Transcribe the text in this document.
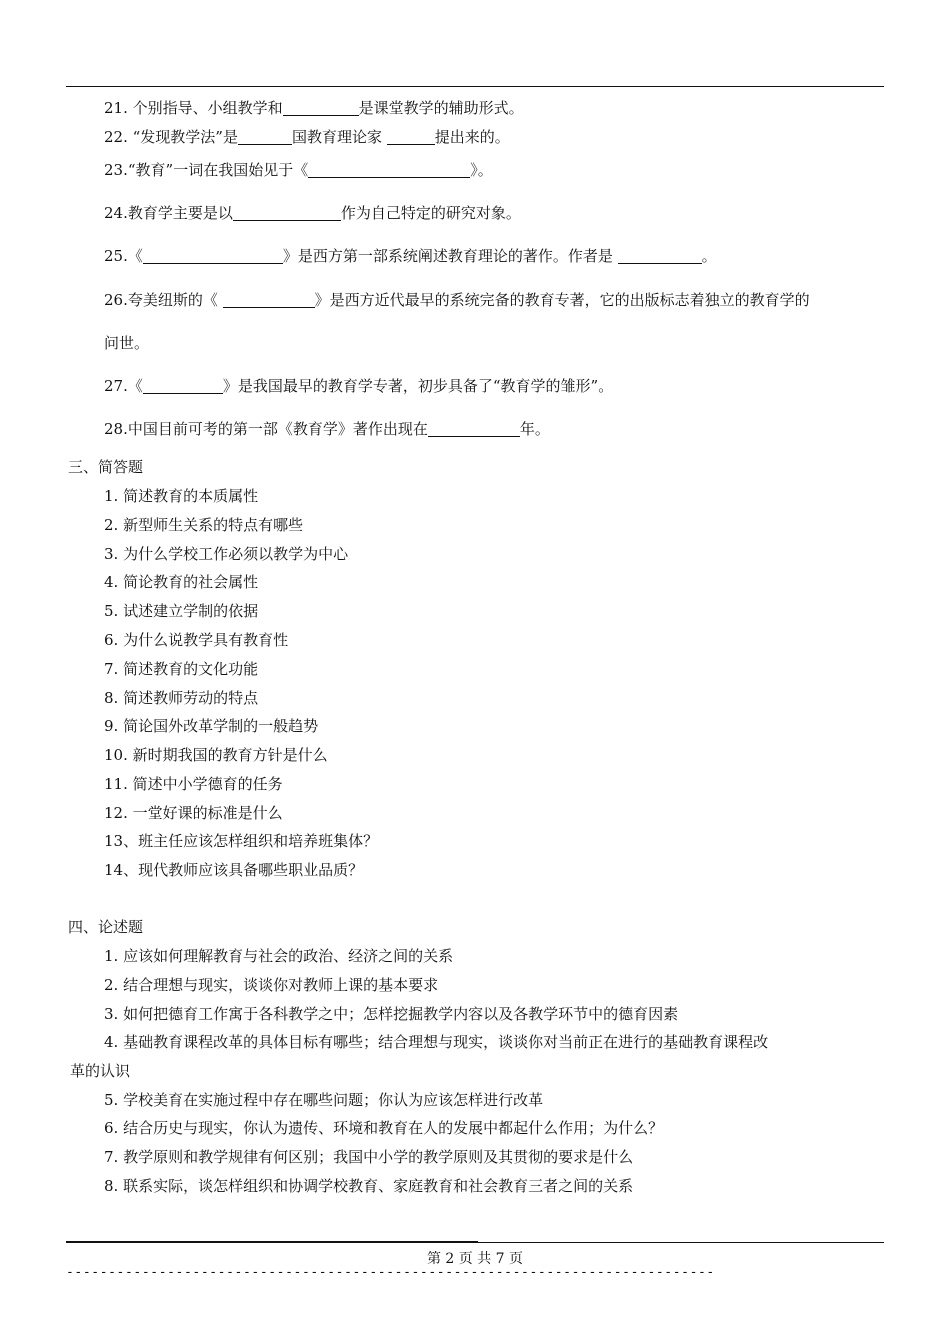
21. 个别指导、小组教学和	是课堂教学的辅助形式。
22. “发现教学法”是	国教育理论家	提出来的。
23.“教育”一词在我国始见于《	》。
24.教育学主要是以	作为自己特定的研究对象。
25.《	》是西方第一部系统阐述教育理论的著作。作者是	。
26.夸美纽斯的《	》是西方近代最早的系统完备的教育专著，它的出版标志着独立的教育学的
问世。
27.《	》是我国最早的教育学专著，初步具备了“教育学的雏形”。
28.中国目前可考的第一部《教育学》著作出现在	年。
三、简答题
1. 简述教育的本质属性
2. 新型师生关系的特点有哪些
3. 为什么学校工作必须以教学为中心
4. 简论教育的社会属性
5. 试述建立学制的依据
6. 为什么说教学具有教育性
7. 简述教育的文化功能
8. 简述教师劳动的特点
9. 简论国外改革学制的一般趋势
10. 新时期我国的教育方针是什么
11. 简述中小学德育的任务
12. 一堂好课的标准是什么
13、班主任应该怎样组织和培养班集体？
14、现代教师应该具备哪些职业品质？
四、论述题
1. 应该如何理解教育与社会的政治、经济之间的关系
2. 结合理想与现实，谈谈你对教师上课的基本要求
3. 如何把德育工作寓于各科教学之中；怎样挖掘教学内容以及各教学环节中的德育因素
4. 基础教育课程改革的具体目标有哪些；结合理想与现实，谈谈你对当前正在进行的基础教育课程改
革的认识
5. 学校美育在实施过程中存在哪些问题；你认为应该怎样进行改革
6. 结合历史与现实，你认为遗传、环境和教育在人的发展中都起什么作用；为什么？
7. 教学原则和教学规律有何区别；我国中小学的教学原则及其贯彻的要求是什么
8. 联系实际，谈怎样组织和协调学校教育、家庭教育和社会教育三者之间的关系
第 2 页 共 7 页
-----------------------------------------------------------------------------
